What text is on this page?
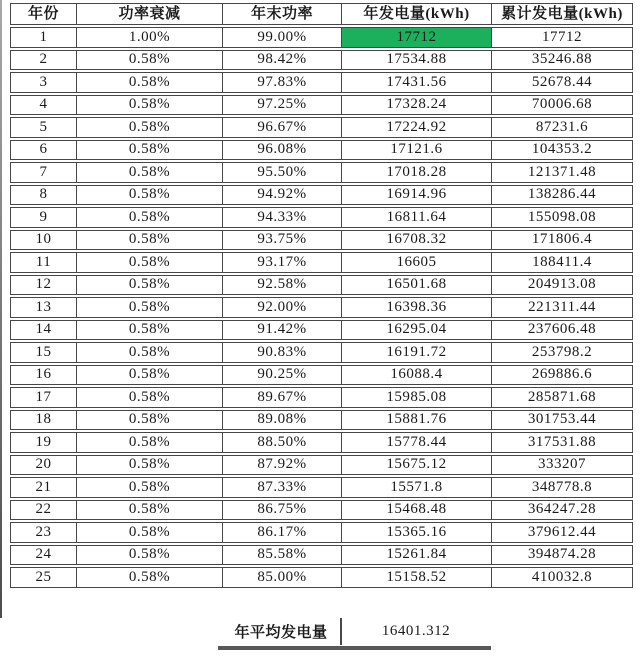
年份	功率衰减	年末功率	年发电量(kWh)	累计发电量(kWh)
1	1.00%	99.00%	17712	17712
2	0.58%	98.42%	17534.88	35246.88
3	0.58%	97.83%	17431.56	52678.44
4	0.58%	97.25%	17328.24	70006.68
5	0.58%	96.67%	17224.92	87231.6
6	0.58%	96.08%	17121.6	104353.2
7	0.58%	95.50%	17018.28	121371.48
8	0.58%	94.92%	16914.96	138286.44
9	0.58%	94.33%	16811.64	155098.08
10	0.58%	93.75%	16708.32	171806.4
11	0.58%	93.17%	16605	188411.4
12	0.58%	92.58%	16501.68	204913.08
13	0.58%	92.00%	16398.36	221311.44
14	0.58%	91.42%	16295.04	237606.48
15	0.58%	90.83%	16191.72	253798.2
16	0.58%	90.25%	16088.4	269886.6
17	0.58%	89.67%	15985.08	285871.68
18	0.58%	89.08%	15881.76	301753.44
19	0.58%	88.50%	15778.44	317531.88
20	0.58%	87.92%	15675.12	333207
21	0.58%	87.33%	15571.8	348778.8
22	0.58%	86.75%	15468.48	364247.28
23	0.58%	86.17%	15365.16	379612.44
24	0.58%	85.58%	15261.84	394874.28
25	0.58%	85.00%	15158.52	410032.8
年平均发电量	16401.312
